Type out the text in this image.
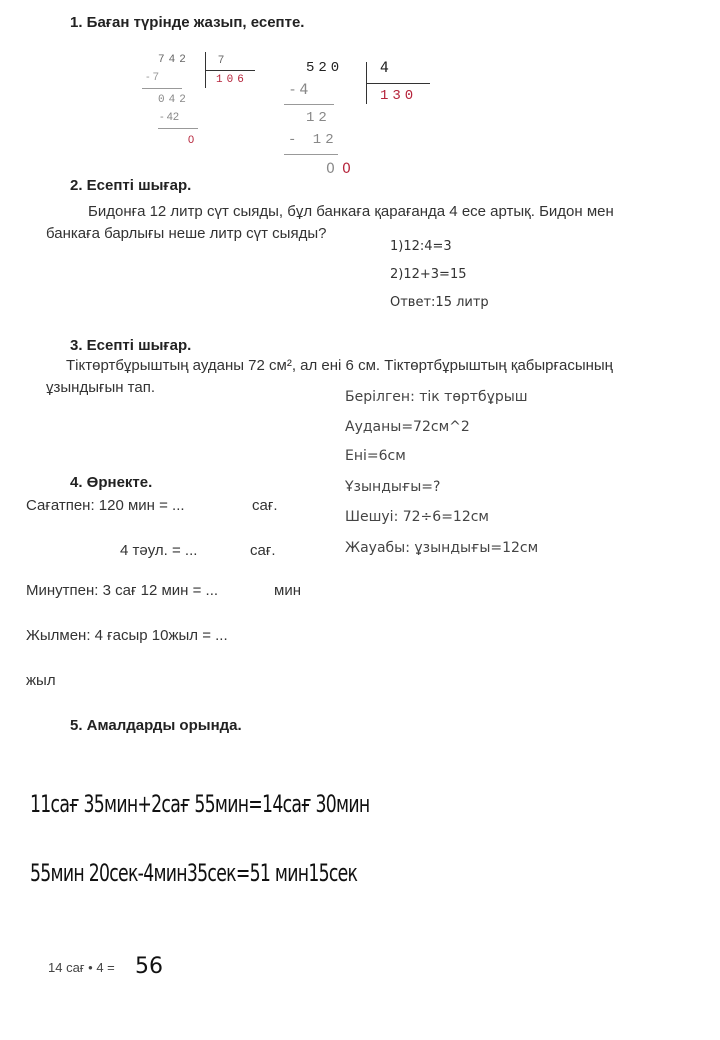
1. Баған түрінде жазып, есепте.
742	7
106
- 7
042
- 42
0
520	4
130
- 4
12
- 12
0 0
2. Есепті шығар.
Бидонға 12 литр сүт сыяды, бұл банкаға қарағанда 4 есе артық. Бидон мен
банкаға барлығы неше литр сүт сыяды?
1)12:4=3
2)12+3=15
Ответ:15 литр
3. Есепті шығар.
Тіктөртбұрыштың ауданы 72 см², ал ені 6 см. Тіктөртбұрыштың қабырғасының
ұзындығын тап.
Берілген: тік төртбұрыш
Ауданы=72см^2
Ені=6см
Ұзындығы=?
Шешуі: 72÷6=12см
Жауабы: ұзындығы=12см
4. Өрнекте.
Сағатпен: 120 мин = ...	сағ.
4 тәул. = ...	сағ.
Минутпен: 3 сағ 12 мин = ...	мин
Жылмен: 4 ғасыр 10жыл = ...
жыл
5. Амалдарды орында.
11сағ 35мин+2сағ 55мин=14сағ 30мин
55мин 20сек-4мин35сек=51 мин15сек
14 сағ • 4 = 56
